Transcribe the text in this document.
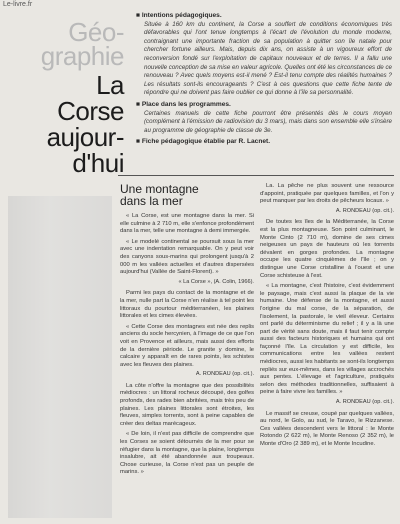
Le-livre.fr
Géo-
graphie
La
Corse
aujour-
d'hui
■ Intentions pédagogiques.

Située à 160 km du continent, la Corse a souffert de conditions économiques très défavorables qui l'ont tenue longtemps à l'écart de l'évolution du monde moderne, contraignant une importante fraction de sa population à quitter son île natale pour chercher fortune ailleurs. Mais, depuis dix ans, on assiste à un vigoureux effort de reconversion fondé sur l'exploitation de capitaux nouveaux et de terres. Il a fallu une nouvelle conception de sa mise en valeur agricole. Quelles ont été les circonstances de ce renouveau ? Avec quels moyens est-il mené ? Est-il tenu compte des réalités humaines ? Les résultats sont-ils encourageants ? C'est à ces questions que cette fiche tente de répondre qui ne doivent pas faire oublier ce qui donne à l'île sa personnalité.

■ Place dans les programmes.

Certaines manuels de cette fiche pourront être présentés dès le cours moyen (complément à l'émission de radiovision du 3 mars), mais dans son ensemble elle s'insère au programme de géographie de classe de 3e.

■ Fiche pédagogique établie par R. Lacnet.
Une montagne
dans la mer

« La Corse, est une montagne dans la mer. Si elle culmine à 2 710 m, elle s'enfonce profondément dans la mer, telle une montagne à demi immergée.

« Le modelé continental se poursuit sous la mer avec une indentation remarquable. On y peut voir des canyons sous-marins qui prolongent jusqu'à 2 000 m les vallées actuelles et d'autres dispersées aujourd'hui (Vallée de Saint-Florent). »

« La Corse », (A. Colin, 1966).

Parmi les pays du contact de la montagne et de la mer, nulle part la Corse n'en réalise à tel point les littoraux du pourtour méditerranéen, les plaines littorales et les cimes élevées.

« Cette Corse des montagnes est née des replis anciens du socle hercynien, à l'image de ce que l'on voit en Provence et ailleurs, mais aussi des efforts de la dernière période. Le granite y domine, le calcaire y apparaît en de rares points, les schistes avec les fleuves des plaines.

A. RONDEAU (op. cit.).

La côte n'offre la montagne que des possibilités médiocres : un littoral rocheux découpé, des golfes profonds, des rades bien abritées, mais très peu de plaines. Les plaines littorales sont étroites, les fleuves, simples torrents, sont à peine capables de créer des deltas marécageux.

« De loin, il n'est pas difficile de comprendre que les Corses se soient détournés de la mer pour se réfugier dans la montagne, que la plaine, longtemps insalubre, ait été abandonnée aux troupeaux. Chose curieuse, la Corse n'est pas un peuple de marins. »

La. La pêche ne plus souvent une ressource d'appoint, pratiquée par quelques familles, et l'on y peut manquer par les droits de pêcheurs locaux. »

A. RONDEAU (op. cit.).

De toutes les îles de la Méditerranée, la Corse est la plus montagneuse. Son point culminant, le Monte Cinto (2 710 m), domine de ses cimes neigeuses un pays de hauteurs où les torrents dévalent en gorges profondes. La montagne occupe les quatre cinquièmes de l'île ; on y distingue une Corse cristalline à l'ouest et une Corse schisteuse à l'est.

« La montagne, c'est l'histoire, c'est évidemment le paysage, mais c'est aussi la plaque de la vie humaine. Une défense de la montagne, et aussi l'origine du mal corse, de la séparation, de l'isolement, la pastorale, le vieil éleveur. Certains ont parlé du déterminisme du relief ; il y a là une part de vérité sans doute, mais il faut tenir compte aussi des facteurs historiques et humains qui ont façonné l'île. La circulation y est difficile, les communications entre les vallées restent médiocres, aussi les habitants se sont-ils longtemps repliés sur eux-mêmes, dans les villages accrochés aux pentes. L'élevage et l'agriculture, pratiqués selon des méthodes traditionnelles, suffisaient à peine à faire vivre les familles. »

A. RONDEAU (op. cit.).

Le massif se creuse, coupé par quelques vallées, au nord, le Golo, au sud, le Taravo, le Rizzanese. Ces vallées descendent vers le littoral : le Monte Rotondo (2 622 m), le Monte Renoso (2 352 m), le Monte d'Oro (2 389 m), et le Monte Incudine.
